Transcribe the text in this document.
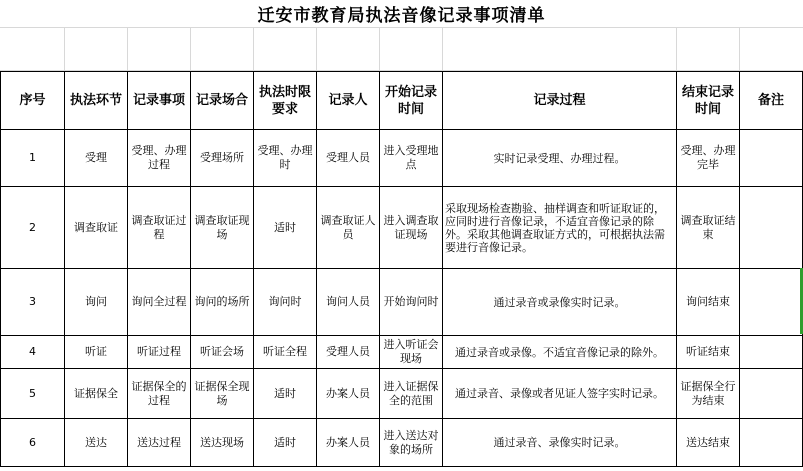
迁安市教育局执法音像记录事项清单
序号	执法环节	记录事项	记录场合	执法时限要求	记录人	开始记录时间	记录过程	结束记录时间	备注
1	受理	受理、办理过程	受理场所	受理、办理时	受理人员	进入受理地点	实时记录受理、办理过程。	受理、办理完毕	
2	调查取证	调查取证过程	调查取证现场	适时	调查取证人员	进入调查取证现场	采取现场检查勘验、抽样调查和听证取证的，应同时进行音像记录，不适宜音像记录的除外。采取其他调查取证方式的，可根据执法需要进行音像记录。	调查取证结束	
3	询问	询问全过程	询问的场所	询问时	询问人员	开始询问时	通过录音或录像实时记录。	询问结束	
4	听证	听证过程	听证会场	听证全程	受理人员	进入听证会现场	通过录音或录像。不适宜音像记录的除外。	听证结束	
5	证据保全	证据保全的过程	证据保全现场	适时	办案人员	进入证据保全的范围	通过录音、录像或者见证人签字实时记录。	证据保全行为结束	
6	送达	送达过程	送达现场	适时	办案人员	进入送达对象的场所	通过录音、录像实时记录。	送达结束	
